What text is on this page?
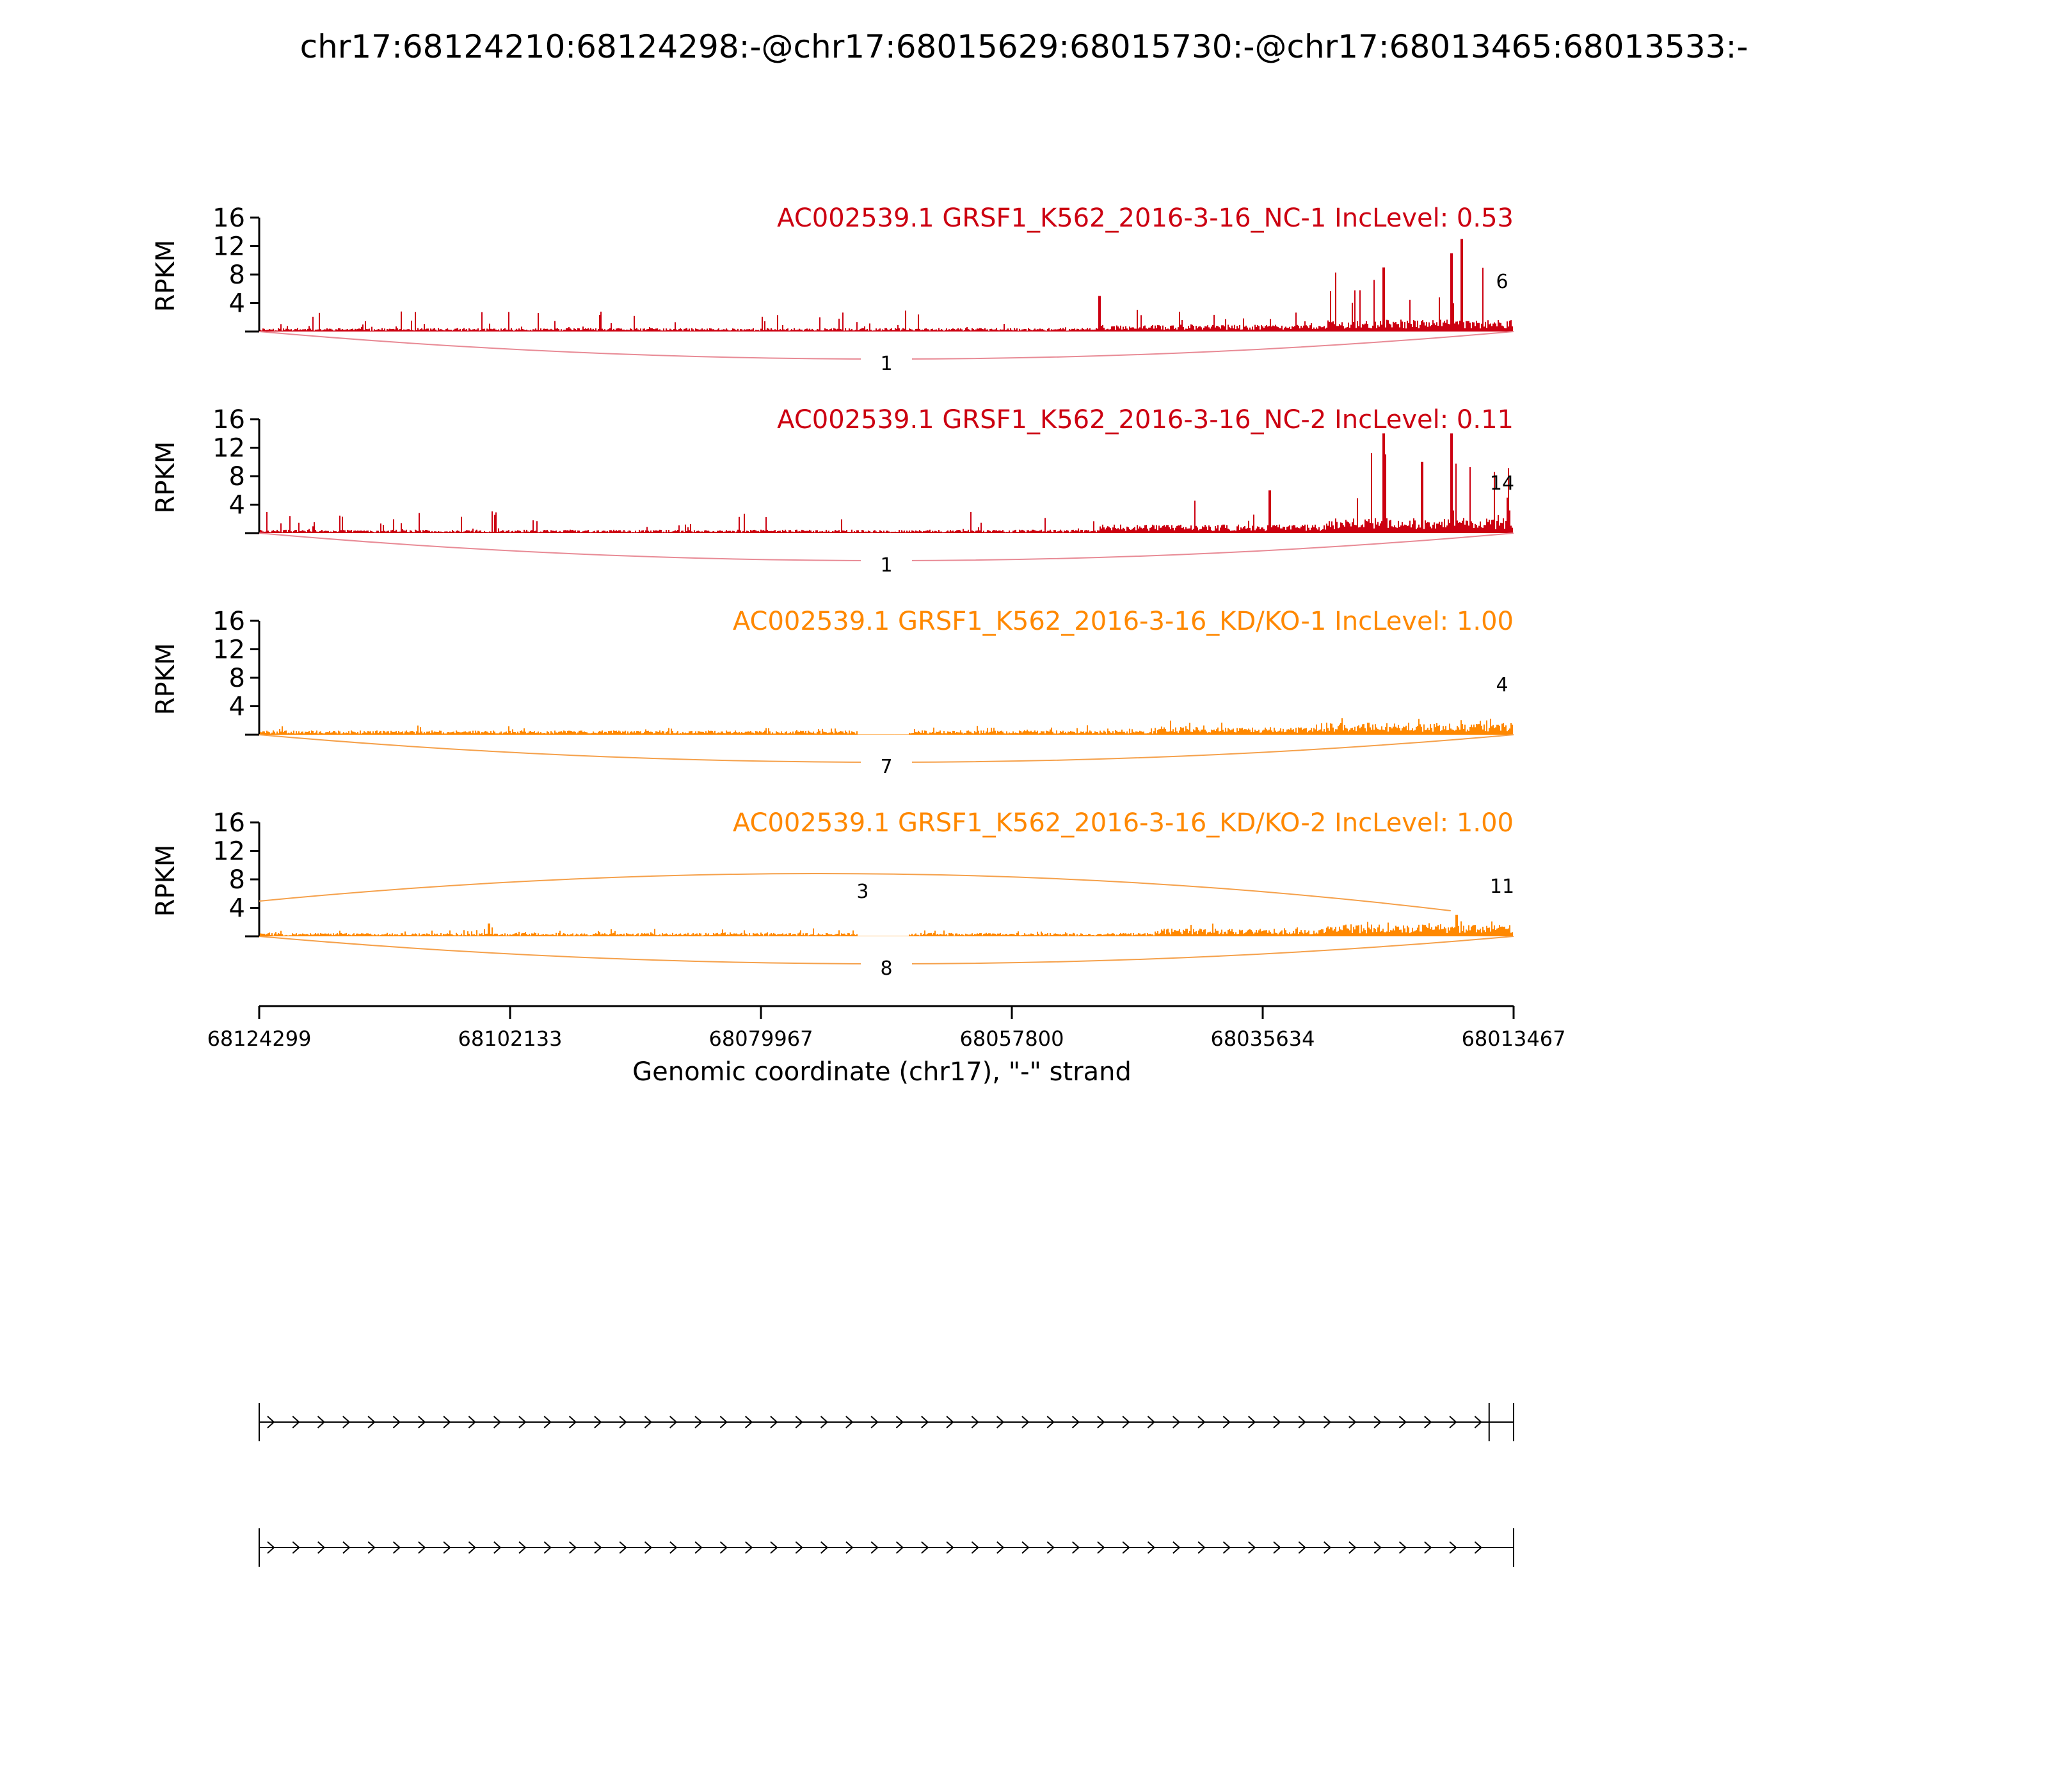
chr17:68124210:68124298:-@chr17:68015629:68015730:-@chr17:68013465:68013533:-
4
8
12
16
RPKM
AC002539.1 GRSF1_K562_2016-3-16_NC-1 IncLevel: 0.53
1
6
4
8
12
16
RPKM
AC002539.1 GRSF1_K562_2016-3-16_NC-2 IncLevel: 0.11
1
14
4
8
12
16
RPKM
AC002539.1 GRSF1_K562_2016-3-16_KD/KO-1 IncLevel: 1.00
7
4
4
8
12
16
RPKM
AC002539.1 GRSF1_K562_2016-3-16_KD/KO-2 IncLevel: 1.00
3
8
11
68124299	68102133	68079967	68057800	68035634	68013467
Genomic coordinate (chr17), "-" strand
